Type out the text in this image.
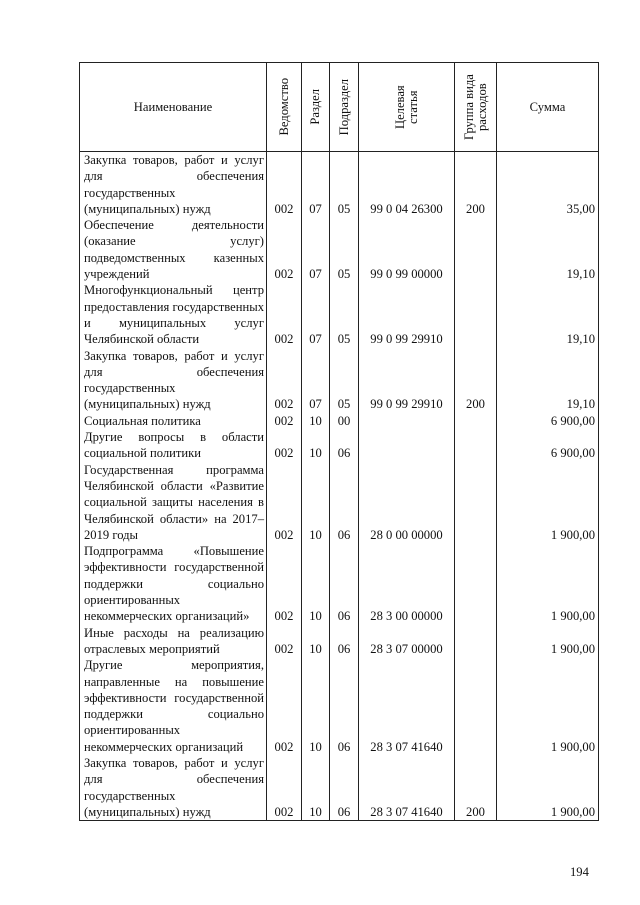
Наименование	Ведомство	Раздел	Подраздел	Целевая статья	Группа вида расходов	Сумма
Закупка товаров, работ и услуг для обеспечения государственных (муниципальных) нужд	002	07	05	99 0 04 26300	200	35,00
Обеспечение деятельности (оказание услуг) подведомственных казенных учреждений	002	07	05	99 0 99 00000		19,10
Многофункциональный центр предоставления государственных и муниципальных услуг Челябинской области	002	07	05	99 0 99 29910		19,10
Закупка товаров, работ и услуг для обеспечения государственных (муниципальных) нужд	002	07	05	99 0 99 29910	200	19,10
Социальная политика	002	10	00			6 900,00
Другие вопросы в области социальной политики	002	10	06			6 900,00
Государственная программа Челябинской области «Развитие социальной защиты населения в Челябинской области» на 2017–2019 годы	002	10	06	28 0 00 00000		1 900,00
Подпрограмма «Повышение эффективности государственной поддержки социально ориентированных некоммерческих организаций»	002	10	06	28 3 00 00000		1 900,00
Иные расходы на реализацию отраслевых мероприятий	002	10	06	28 3 07 00000		1 900,00
Другие мероприятия, направленные на повышение эффективности государственной поддержки социально ориентированных некоммерческих организаций	002	10	06	28 3 07 41640		1 900,00
Закупка товаров, работ и услуг для обеспечения государственных (муниципальных) нужд	002	10	06	28 3 07 41640	200	1 900,00
194
